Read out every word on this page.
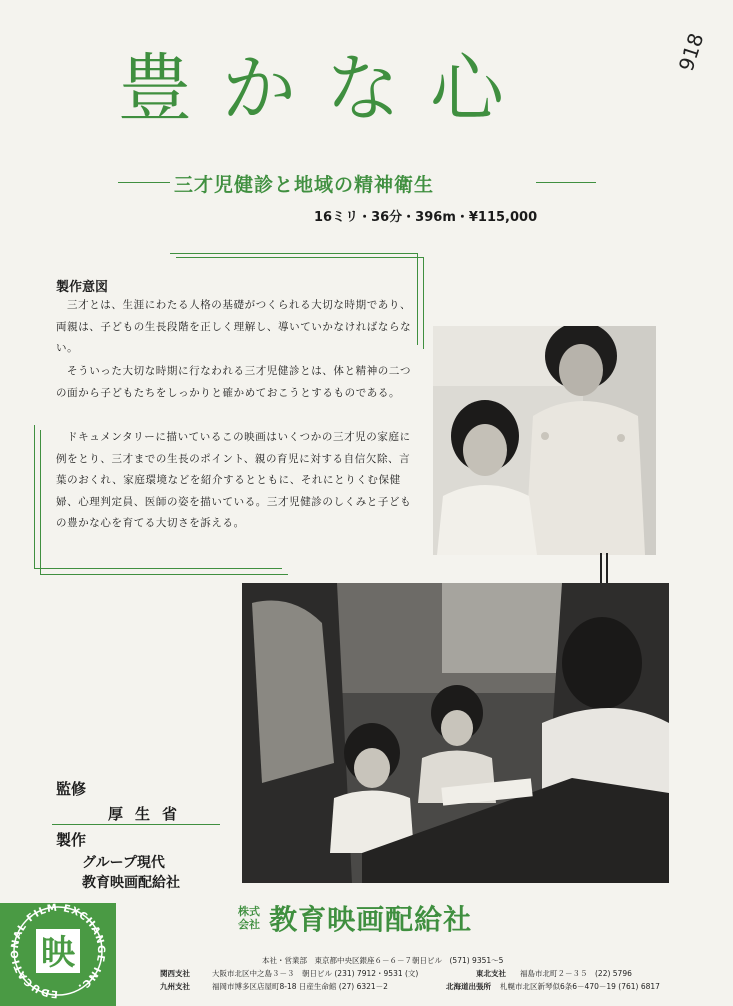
豊かな心	918
三才児健診と地域の精神衛生
16ミリ・36分・396m・¥115,000
製作意図

三才とは、生涯にわたる人格の基礎がつくられる大切な時期であり、両親は、子どもの生長段階を正しく理解し、導いていかなければならない。

そういった大切な時期に行なわれる三才児健診とは、体と精神の二つの面から子どもたちをしっかりと確かめておこうとするものである。

ドキュメンタリーに描いているこの映画はいくつかの三才児の家庭に例をとり、三才までの生長のポイント、親の育児に対する自信欠除、言葉のおくれ、家庭環境などを紹介するとともに、それにとりくむ保健婦、心理判定員、医師の姿を描いている。三才児健診のしくみと子どもの豊かな心を育てる大切さを訴える。

監修
厚生省
製作
グループ現代
教育映画配給社
株式
会社 教育映画配給社
本社・営業部　東京都中央区銀座６－６－７朝日ビル　(571) 9351～5
関西支社	大阪市北区中之島３－３　朝日ビル (231) 7912・9531 (文)	東北支社 福島市北町２－３５　(22) 5796
九州支社	福岡市博多区店屋町8-18 日産生命館 (27) 6321－2	北海道出張所 札幌市北区新琴似6条6－470－19 (761) 6817
EDUCATIONAL FILM EXCHANGE INC.
映
